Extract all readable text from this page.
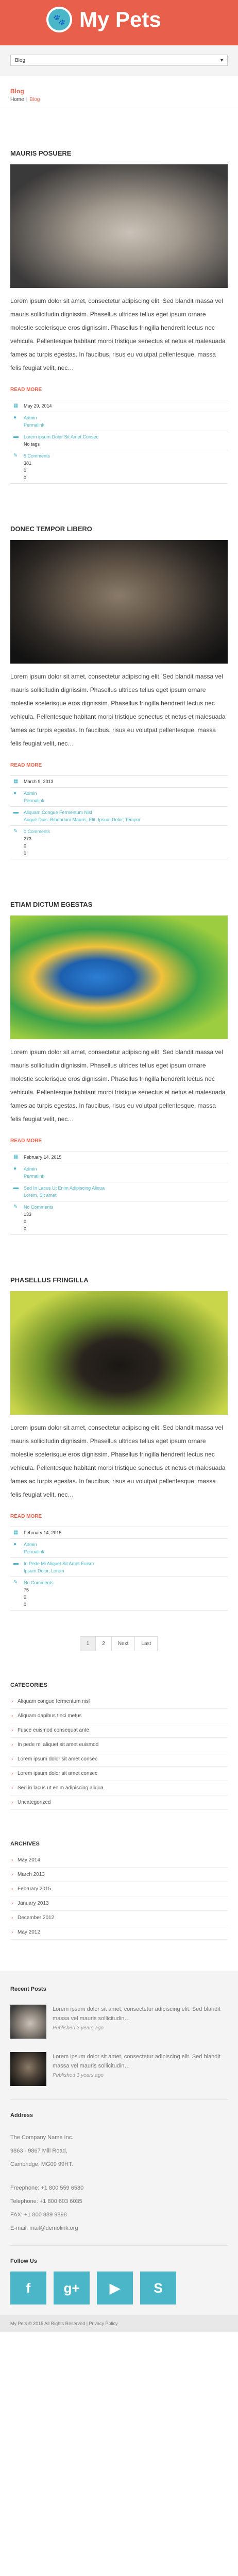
🐾 My Pets
Blog	▾
Blog
Home | Blog
MAURIS POSUERE
Lorem ipsum dolor sit amet, consectetur adipiscing elit. Sed blandit massa vel mauris sollicitudin dignissim. Phasellus ultrices tellus eget ipsum ornare molestie scelerisque eros dignissim. Phasellus fringilla hendrerit lectus nec vehicula. Pellentesque habitant morbi tristique senectus et netus et malesuada fames ac turpis egestas. In faucibus, risus eu volutpat pellentesque, massa felis feugiat velit, nec…
READ MORE
▦ May 29, 2014
●	Admin
Permalink
▬ Lorem ipsum Dolor Sit Amet Consec
No tags
✎	5 Comments
381
0
0
DONEC TEMPOR LIBERO
Lorem ipsum dolor sit amet, consectetur adipiscing elit. Sed blandit massa vel mauris sollicitudin dignissim. Phasellus ultrices tellus eget ipsum ornare molestie scelerisque eros dignissim. Phasellus fringilla hendrerit lectus nec vehicula. Pellentesque habitant morbi tristique senectus et netus et malesuada fames ac turpis egestas. In faucibus, risus eu volutpat pellentesque, massa felis feugiat velit, nec…
READ MORE
▦ March 9, 2013
●	Admin
Permalink
▬ Aliquam Congue Fermentum Nisl
Augue Duis, Bibendum Mauris, Elit, Ipsum Dolor, Tempor
✎	0 Comments
273
0
0
ETIAM DICTUM EGESTAS
Lorem ipsum dolor sit amet, consectetur adipiscing elit. Sed blandit massa vel mauris sollicitudin dignissim. Phasellus ultrices tellus eget ipsum ornare molestie scelerisque eros dignissim. Phasellus fringilla hendrerit lectus nec vehicula. Pellentesque habitant morbi tristique senectus et netus et malesuada fames ac turpis egestas. In faucibus, risus eu volutpat pellentesque, massa felis feugiat velit, nec…
READ MORE
▦ February 14, 2015
●	Admin
Permalink
▬ Sed In Lacus Ut Enim Adipiscing Aliqua
Lorem, Sit amet
✎	No Comments
133
0
0
PHASELLUS FRINGILLA
Lorem ipsum dolor sit amet, consectetur adipiscing elit. Sed blandit massa vel mauris sollicitudin dignissim. Phasellus ultrices tellus eget ipsum ornare molestie scelerisque eros dignissim. Phasellus fringilla hendrerit lectus nec vehicula. Pellentesque habitant morbi tristique senectus et netus et malesuada fames ac turpis egestas. In faucibus, risus eu volutpat pellentesque, massa felis feugiat velit, nec…
READ MORE
▦ February 14, 2015
●	Admin
Permalink
▬ In Pede Mi Aliquet Sit Amet Euism
Ipsum Dolor, Lorem
✎	No Comments
75
0
0
1	2	Next	Last
CATEGORIES
› Aliquam congue fermentum nisl
› Aliquam dapibus tinci metus
› Fusce euismod consequat ante
› In pede mi aliquet sit amet euismod
› Lorem ipsum dolor sit amet consec
› Lorem ipsum dolor sit amet consec
› Sed in lacus ut enim adipiscing aliqua
› Uncategorized
ARCHIVES
› May 2014
› March 2013
› February 2015
› January 2013
› December 2012
› May 2012
Recent Posts
Lorem ipsum dolor sit amet, consectetur adipiscing elit. Sed blandit massa vel mauris sollicitudin…
Published 3 years ago
Lorem ipsum dolor sit amet, consectetur adipiscing elit. Sed blandit massa vel mauris sollicitudin…
Published 3 years ago
Address
The Company Name Inc.
9863 - 9867 Mill Road,
Cambridge, MG09 99HT.
Freephone: +1 800 559 6580
Telephone: +1 800 603 6035
FAX: +1 800 889 9898
E-mail: mail@demolink.org
Follow Us
f	g+	▶	S
My Pets © 2015 All Rights Reserved | Privacy Policy
